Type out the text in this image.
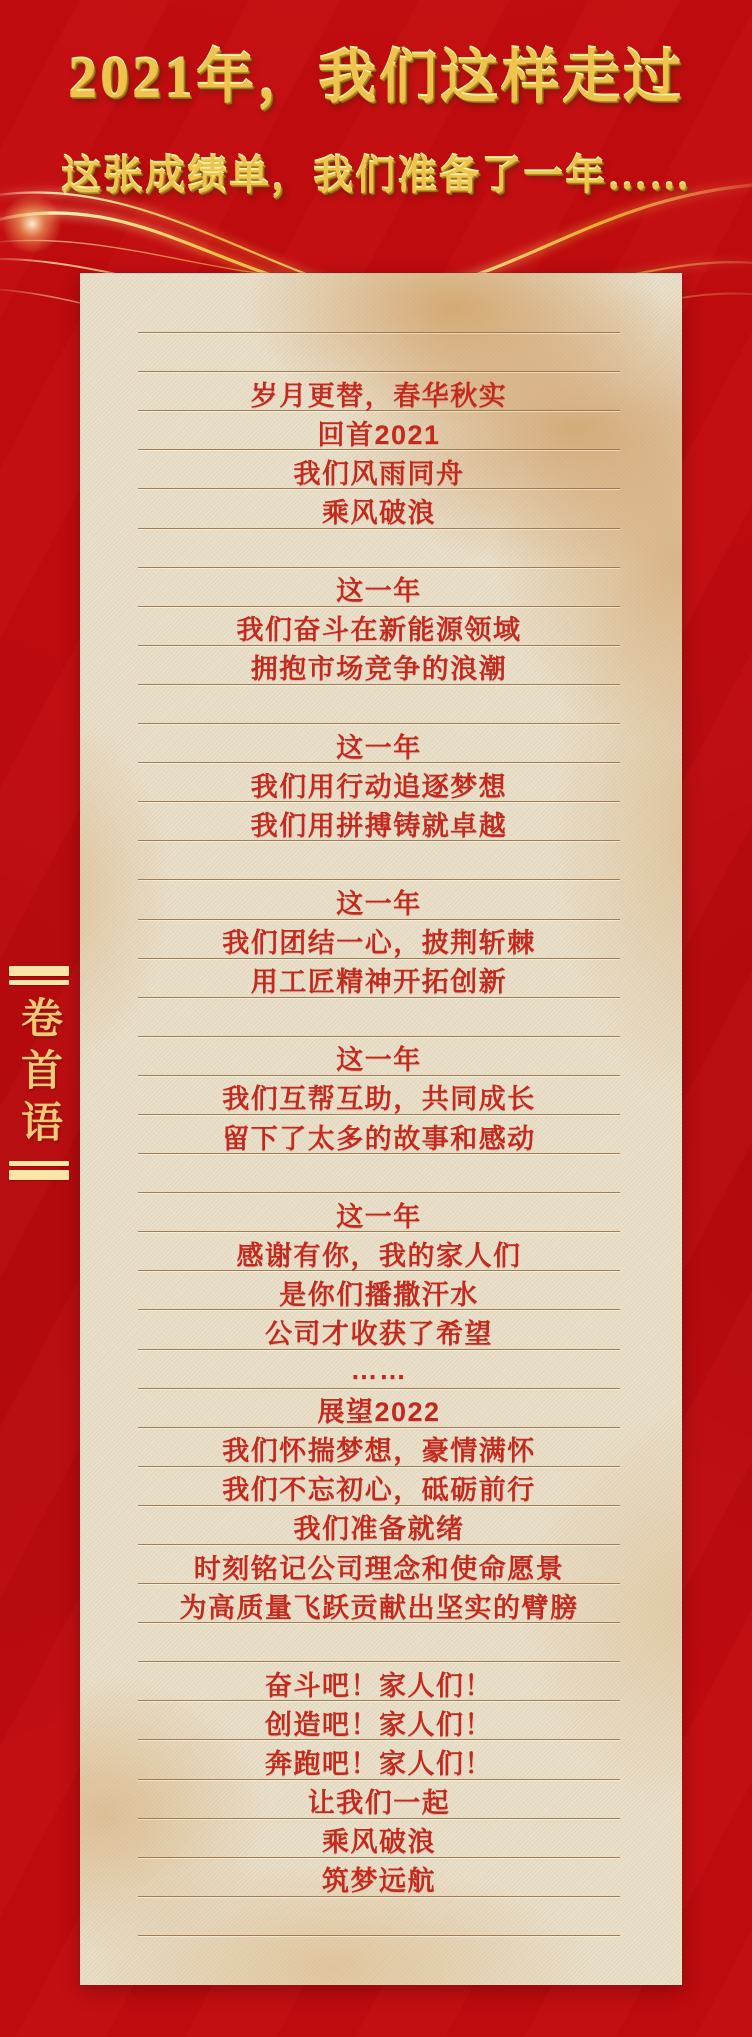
2021年，我们这样走过
这张成绩单，我们准备了一年……
岁月更替，春华秋实
回首2021
我们风雨同舟
乘风破浪
这一年
我们奋斗在新能源领域
拥抱市场竞争的浪潮
这一年
我们用行动追逐梦想
我们用拼搏铸就卓越
这一年
我们团结一心，披荆斩棘
用工匠精神开拓创新
这一年
我们互帮互助，共同成长
留下了太多的故事和感动
这一年
感谢有你，我的家人们
是你们播撒汗水
公司才收获了希望
……
展望2022
我们怀揣梦想，豪情满怀
我们不忘初心，砥砺前行
我们准备就绪
时刻铭记公司理念和使命愿景
为高质量飞跃贡献出坚实的臂膀
奋斗吧！家人们！
创造吧！家人们！
奔跑吧！家人们！
让我们一起
乘风破浪
筑梦远航
卷首语
